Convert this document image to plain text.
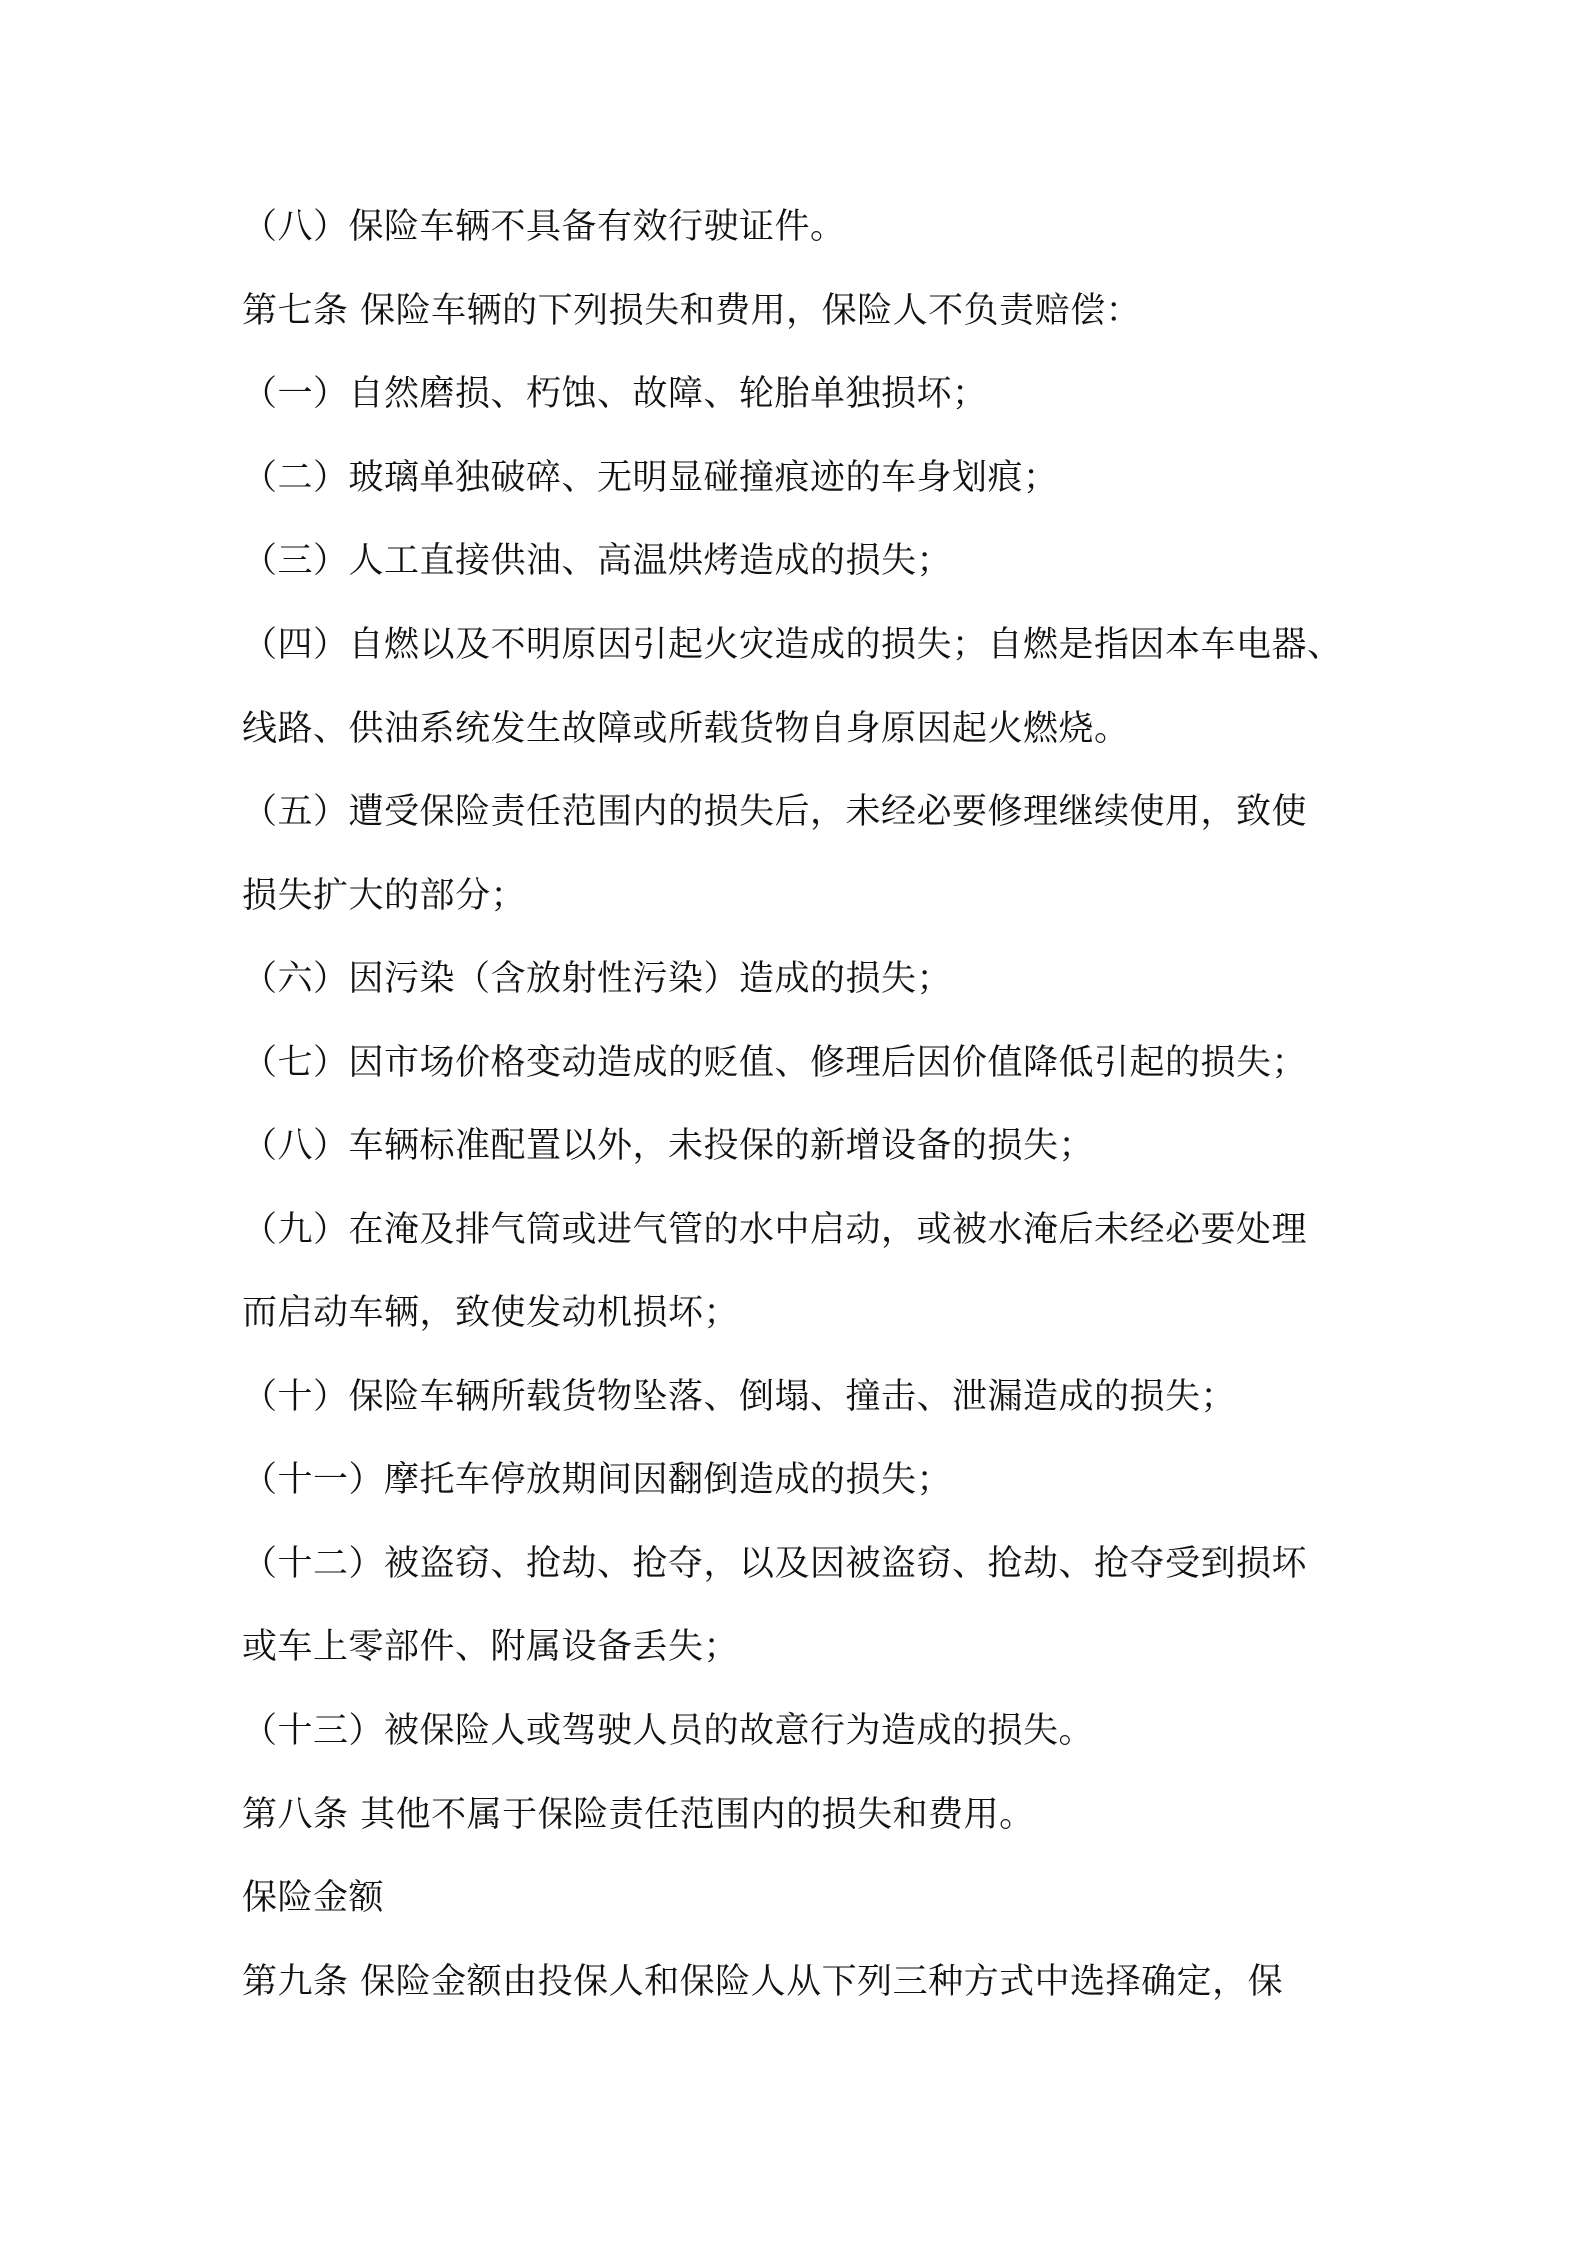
（八）保险车辆不具备有效行驶证件。
第七条 保险车辆的下列损失和费用，保险人不负责赔偿：
（一）自然磨损、朽蚀、故障、轮胎单独损坏；
（二）玻璃单独破碎、无明显碰撞痕迹的车身划痕；
（三）人工直接供油、高温烘烤造成的损失；
（四）自燃以及不明原因引起火灾造成的损失；自燃是指因本车电器、
线路、供油系统发生故障或所载货物自身原因起火燃烧。
（五）遭受保险责任范围内的损失后，未经必要修理继续使用，致使
损失扩大的部分；
（六）因污染（含放射性污染）造成的损失；
（七）因市场价格变动造成的贬值、修理后因价值降低引起的损失；
（八）车辆标准配置以外，未投保的新增设备的损失；
（九）在淹及排气筒或进气管的水中启动，或被水淹后未经必要处理
而启动车辆，致使发动机损坏；
（十）保险车辆所载货物坠落、倒塌、撞击、泄漏造成的损失；
（十一）摩托车停放期间因翻倒造成的损失；
（十二）被盗窃、抢劫、抢夺，以及因被盗窃、抢劫、抢夺受到损坏
或车上零部件、附属设备丢失；
（十三）被保险人或驾驶人员的故意行为造成的损失。
第八条 其他不属于保险责任范围内的损失和费用。
保险金额
第九条 保险金额由投保人和保险人从下列三种方式中选择确定，保
